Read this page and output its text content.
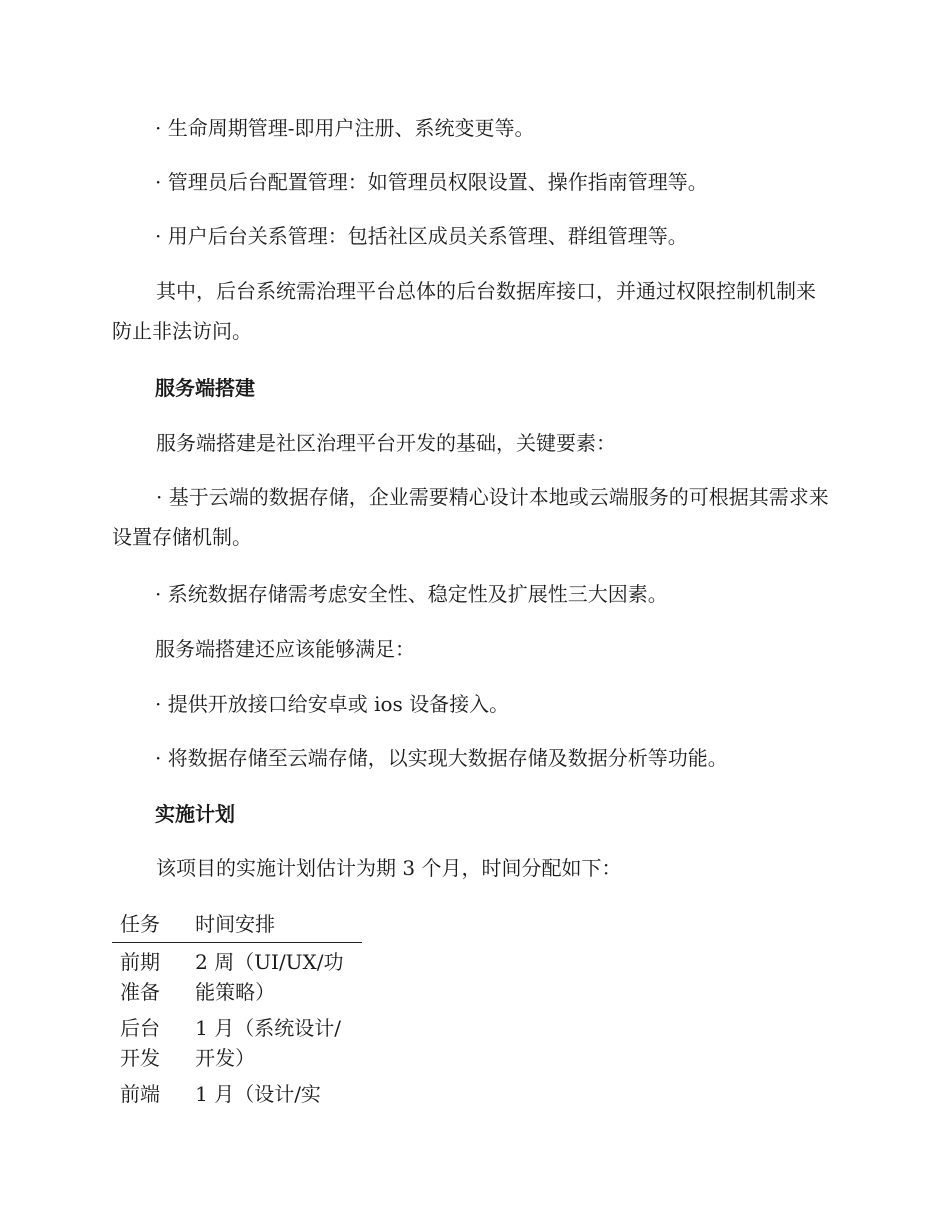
· 生命周期管理-即用户注册、系统变更等。

· 管理员后台配置管理：如管理员权限设置、操作指南管理等。

· 用户后台关系管理：包括社区成员关系管理、群组管理等。

其中，后台系统需治理平台总体的后台数据库接口，并通过权限控制机制来防止非法访问。

服务端搭建

服务端搭建是社区治理平台开发的基础，关键要素：

· 基于云端的数据存储，企业需要精心设计本地或云端服务的可根据其需求来设置存储机制。

· 系统数据存储需考虑安全性、稳定性及扩展性三大因素。

服务端搭建还应该能够满足：

· 提供开放接口给安卓或 ios 设备接入。

· 将数据存储至云端存储，以实现大数据存储及数据分析等功能。

实施计划

该项目的实施计划估计为期 3 个月，时间分配如下：

任务	时间安排
前期准备	2 周（UI/UX/功能策略）
后台开发	1 月（系统设计/开发）
前端	1 月（设计/实
